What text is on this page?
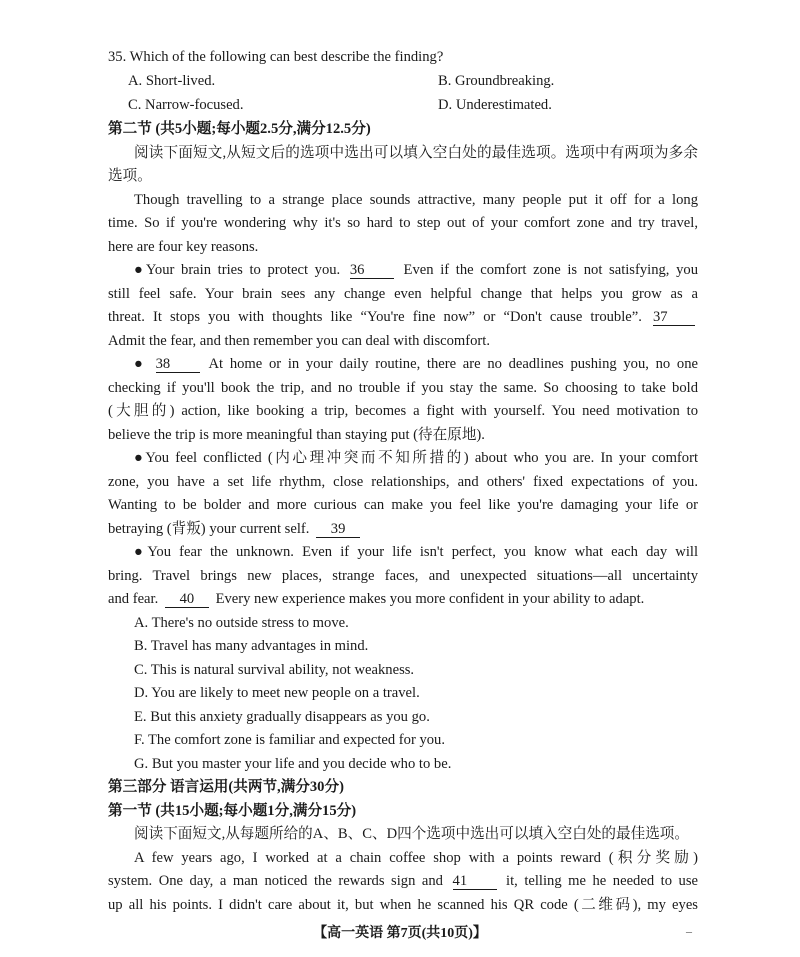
35. Which of the following can best describe the finding?
A. Short-lived.	B. Groundbreaking.
C. Narrow-focused.	D. Underestimated.
第二节 (共5小题;每小题2.5分,满分12.5分)
阅读下面短文,从短文后的选项中选出可以填入空白处的最佳选项。选项中有两项为多余
选项。
Though travelling to a strange place sounds attractive, many people put it off for a long
time. So if you're wondering why it's so hard to step out of your comfort zone and try travel,
here are four key reasons.
●Your brain tries to protect you. 36	Even if the comfort zone is not satisfying, you
still feel safe. Your brain sees any change even helpful change that helps you grow as a
threat. It stops you with thoughts like “You're fine now” or “Don't cause trouble”. 37
Admit the fear, and then remember you can deal with discomfort.
● 38	At home or in your daily routine, there are no deadlines pushing you, no one
checking if you'll book the trip, and no trouble if you stay the same. So choosing to take bold
(大胆的) action, like booking a trip, becomes a fight with yourself. You need motivation to
believe the trip is more meaningful than staying put (待在原地).
●You feel conflicted (内心理冲突而不知所措的) about who you are. In your comfort
zone, you have a set life rhythm, close relationships, and others' fixed expectations of you.
Wanting to be bolder and more curious can make you feel like you're damaging your life or
betraying (背叛) your current self. 39
●You fear the unknown. Even if your life isn't perfect, you know what each day will
bring. Travel brings new places, strange faces, and unexpected situations—all uncertainty
and fear. 40 Every new experience makes you more confident in your ability to adapt.
A. There's no outside stress to move.
B. Travel has many advantages in mind.
C. This is natural survival ability, not weakness.
D. You are likely to meet new people on a travel.
E. But this anxiety gradually disappears as you go.
F. The comfort zone is familiar and expected for you.
G. But you master your life and you decide who to be.
第三部分 语言运用(共两节,满分30分)
第一节 (共15小题;每小题1分,满分15分)
阅读下面短文,从每题所给的A、B、C、D四个选项中选出可以填入空白处的最佳选项。
A few years ago, I worked at a chain coffee shop with a points reward (积分奖励)
system. One day, a man noticed the rewards sign and 41	it, telling me he needed to use
up all his points. I didn't care about it, but when he scanned his QR code (二维码), my eyes
【高一英语 第7页(共10页)】	–
